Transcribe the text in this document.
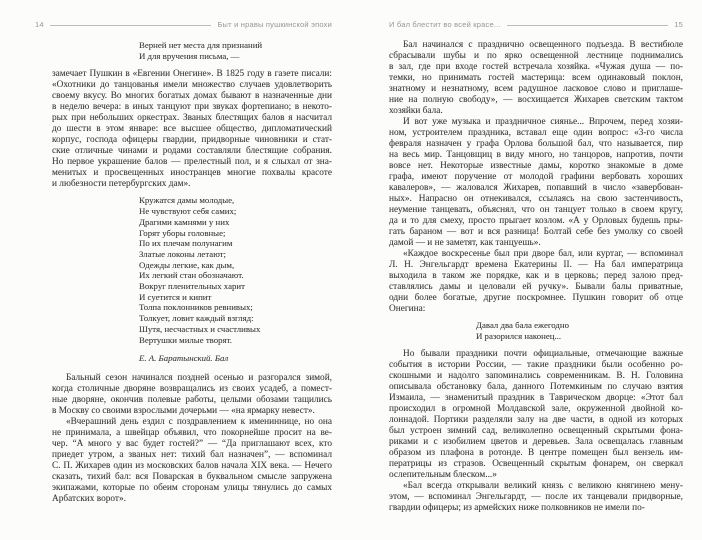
14	Быт и нравы пушкинской эпохи
Верней нет места для признаний
И для вручения письма, —
замечает Пушкин в «Евгении Онегине». В 1825 году в газете писали:
«Охотники до танцованья имели множество случаев удовлетворить
своему вкусу. Во многих богатых домах бывают в назначенные дни
в неделю вечера: в иных танцуют при звуках фортепиано; в некото-
рых при небольших оркестрах. Званых блестящих балов я насчитал
до шести в этом январе: все высшее общество, дипломатический
корпус, господа офицеры гвардии, придворные чиновники и стат-
ские отличные чинами и родами составляли блестящие собрания.
Но первое украшение балов — прелестный пол, и я слыхал от зна-
менитых и просвещенных иностранцев многие похвалы красоте
и любезности петербургских дам».
Кружатся дамы молодые,
Не чувствуют себя самих;
Драгими камнями у них
Горят уборы головные;
По их плечам полунагим
Златые локоны летают;
Одежды легкие, как дым,
Их легкий стан обозначают.
Вокруг пленительных харит
И суетится и кипит
Толпа поклонников ревнивых;
Толкует, ловит каждый взгляд:
Шутя, несчастных и счастливых
Вертушки милые творят.
Е. А. Баратынский. Бал
Бальный сезон начинался поздней осенью и разгорался зимой,
когда столичные дворяне возвращались из своих усадеб, а помест-
ные дворяне, окончив полевые работы, целыми обозами тащились
в Москву со своими взрослыми дочерьми — «на ярмарку невест».
«Вчерашний день ездил с поздравлением к имениннице, но она
не принимала, а швейцар объявил, что покорнейше просит на ве-
чер. “А много у вас будет гостей?” — “Да приглашают всех, кто
приедет утром, а званых нет: тихий бал назначен”, — вспоминал
С. П. Жихарев один из московских балов начала XIX века. — Нечего
сказать, тихий бал: вся Поварская в буквальном смысле запружена
экипажами, которые по обеим сторонам улицы тянулись до самых
Арбатских ворот».
И бал блестит во всей красе...	15
Бал начинался с празднично освещенного подъезда. В вестибюле
сбрасывали шубы и по ярко освещенной лестнице поднимались
в зал, где при входе гостей встречала хозяйка. «Чужая душа — по-
темки, но принимать гостей мастерица: всем одинаковый поклон,
знатному и незнатному, всем радушное ласковое слово и приглаше-
ние на полную свободу», — восхищается Жихарев светским тактом
хозяйки бала.
И вот уже музыка и праздничное сиянье... Впрочем, перед хозяи-
ном, устроителем праздника, вставал еще один вопрос: «3-го числа
февраля назначен у графа Орлова большой бал, что называется, пир
на весь мир. Танцовщиц в виду много, но танцоров, напротив, почти
вовсе нет. Некоторые известные дамы, коротко знакомые в доме
графа, имеют поручение от молодой графини вербовать хороших
кавалеров», — жаловался Жихарев, попавший в число «завербован-
ных». Напрасно он отнекивался, ссылаясь на свою застенчивость,
неумение танцевать, объяснял, что он танцует только в своем кругу,
да и то для смеху, просто прыгает козлом. «А у Орловых будешь пры-
гать бараном — вот и вся разница! Болтай себе без умолку со своей
дамой — и не заметят, как танцуешь».
«Каждое воскресенье был при дворе бал, или куртаг, — вспоминал
Л. Н. Энгельгардт времена Екатерины II. — На бал императрица
выходила в таком же порядке, как и в церковь; перед залою пред-
ставлялись дамы и целовали ей ручку». Бывали балы приватные,
одни более богатые, другие поскромнее. Пушкин говорит об отце
Онегина:
Давал два бала ежегодно
И разорился наконец...
Но бывали праздники почти официальные, отмечающие важные
события в истории России, — такие праздники были особенно ро-
скошными и надолго запоминались современникам. В. Н. Головина
описывала обстановку бала, данного Потемкиным по случаю взятия
Измаила, — знаменитый праздник в Таврическом дворце: «Этот бал
происходил в огромной Молдавской зале, окруженной двойной ко-
лоннадой. Портики разделяли залу на две части, в одной из которых
был устроен зимний сад, великолепно освещенный скрытыми фона-
риками и с изобилием цветов и деревьев. Зала освещалась главным
образом из плафона в ротонде. В центре помещен был вензель им-
ператрицы из стразов. Освещенный скрытым фонарем, он сверкал
ослепительным блеском...»
«Бал всегда открывали великий князь с великою княгинею мену-
этом, — вспоминал Энгельгардт, — после их танцевали придворные,
гвардии офицеры; из армейских ниже полковников не имели по-
